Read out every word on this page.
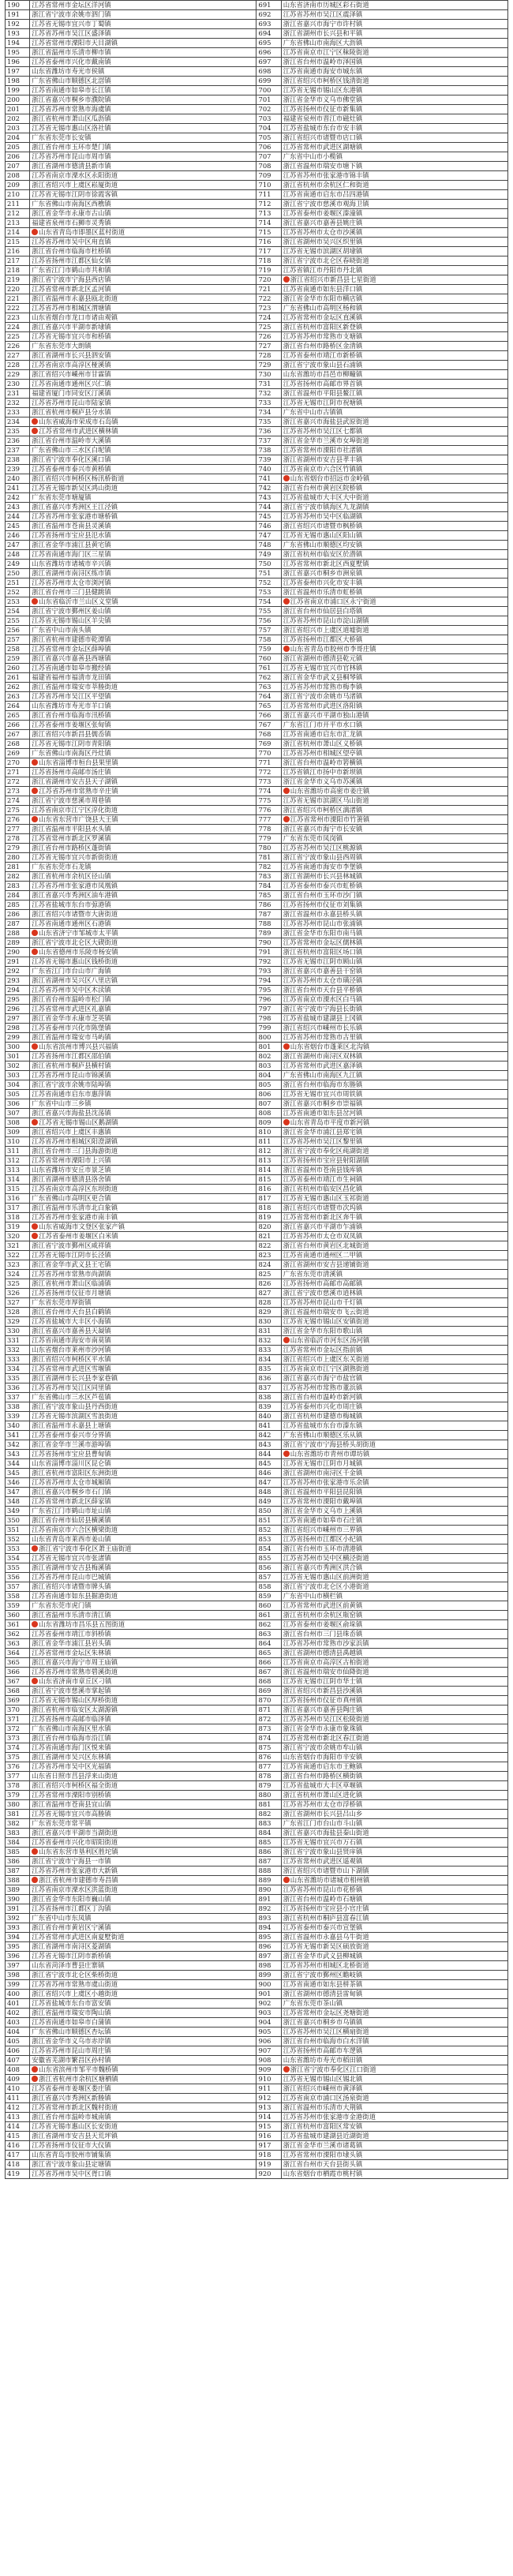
190	江苏省常州市金坛区洋河镇	691	山东省济南市历城区彩石街道
191	浙江省宁波市余姚市泗门镇	692	江苏省苏州市吴江区震泽镇
192	江苏省无锡市宜兴市丁蜀镇	693	浙江省嘉兴市海宁市许村镇
193	江苏省苏州市吴江区盛泽镇	694	浙江省湖州市长兴县和平镇
194	江苏省常州市溧阳市天目湖镇	695	广东省佛山市南海区大沥镇
195	浙江省温州市乐清市柳市镇	696	江苏省南京市江宁区秣陵街道
196	江苏省泰州市兴化市戴南镇	697	浙江省台州市温岭市泽国镇
197	山东省潍坊市寿光市侯镇	698	江苏省南通市海安市城东镇
198	广东省佛山市顺德区北滘镇	699	浙江省绍兴市柯桥区钱清街道
199	江苏省南通市如皋市长江镇	700	江苏省无锡市锡山区东港镇
200	浙江省嘉兴市桐乡市濮院镇	701	浙江省金华市义乌市佛堂镇
201	江苏省苏州市常熟市海虞镇	702	江苏省扬州市仪征市新集镇
202	浙江省杭州市萧山区瓜沥镇	703	福建省泉州市晋江市磁灶镇
203	江苏省无锡市惠山区洛社镇	704	江苏省盐城市东台市安丰镇
204	广东省东莞市长安镇	705	浙江省绍兴市诸暨市店口镇
205	浙江省台州市玉环市楚门镇	706	江苏省常州市武进区湖塘镇
206	江苏省苏州市昆山市周市镇	707	广东省中山市小榄镇
207	浙江省湖州市德清县新市镇	708	浙江省温州市瑞安市塘下镇
208	江苏省南京市溧水区永阳街道	709	江苏省苏州市张家港市锦丰镇
209	浙江省绍兴市上虞区崧厦街道	710	浙江省杭州市余杭区仁和街道
210	江苏省无锡市江阴市徐霞客镇	711	江苏省南通市启东市吕四港镇
211	广东省佛山市南海区西樵镇	712	浙江省宁波市慈溪市观海卫镇
212	浙江省金华市永康市古山镇	713	江苏省泰州市姜堰区溱潼镇
213	福建省泉州市石狮市灵秀镇	714	浙江省嘉兴市嘉善县姚庄镇
214	山东省青岛市即墨区蓝村街道	715	江苏省苏州市太仓市沙溪镇
215	江苏省苏州市吴中区甪直镇	716	浙江省湖州市吴兴区织里镇
216	浙江省台州市临海市杜桥镇	717	江苏省无锡市滨湖区胡埭镇
217	江苏省扬州市江都区仙女镇	718	浙江省宁波市北仑区春晓街道
218	广东省江门市鹤山市共和镇	719	江苏省镇江市丹阳市丹北镇
219	浙江省宁波市宁海县西店镇	720	浙江省绍兴市新昌县七星街道
220	江苏省常州市新北区孟河镇	721	江苏省南通市如东县洋口镇
221	浙江省温州市永嘉县瓯北街道	722	浙江省金华市东阳市横店镇
222	江苏省苏州市相城区渭塘镇	723	广东省佛山市高明区杨和镇
223	山东省烟台市龙口市诸由观镇	724	江苏省常州市金坛区直溪镇
224	浙江省嘉兴市平湖市新埭镇	725	浙江省杭州市富阳区新登镇
225	江苏省无锡市宜兴市和桥镇	726	江苏省苏州市常熟市支塘镇
226	广东省东莞市大朗镇	727	浙江省台州市路桥区金清镇
227	浙江省湖州市长兴县泗安镇	728	江苏省泰州市靖江市新桥镇
228	江苏省南京市高淳区桠溪镇	729	浙江省宁波市象山县石浦镇
229	浙江省绍兴市嵊州市甘霖镇	730	山东省潍坊市昌邑市柳疃镇
230	江苏省南通市通州区兴仁镇	731	江苏省扬州市高邮市界首镇
231	福建省厦门市同安区汀溪镇	732	浙江省温州市平阳县鳌江镇
232	江苏省苏州市昆山市陆家镇	733	江苏省无锡市江阴市祝塘镇
233	浙江省杭州市桐庐县分水镇	734	广东省中山市古镇镇
234	山东省威海市荣成市石岛镇	735	浙江省嘉兴市海盐县武原街道
235	江苏省常州市武进区横林镇	736	江苏省苏州市吴江区七都镇
236	浙江省台州市温岭市大溪镇	737	浙江省金华市兰溪市女埠街道
237	广东省佛山市三水区白坭镇	738	江苏省常州市溧阳市社渚镇
238	浙江省宁波市奉化区溪口镇	739	浙江省湖州市安吉县孝丰镇
239	江苏省泰州市泰兴市黄桥镇	740	江苏省南京市六合区竹镇镇
240	浙江省绍兴市柯桥区杨汛桥街道	741	山东省烟台市招远市金岭镇
241	江苏省无锡市新吴区鸿山街道	742	浙江省台州市黄岩区院桥镇
242	广东省东莞市塘厦镇	743	江苏省盐城市大丰区大中街道
243	浙江省嘉兴市秀洲区王江泾镇	744	浙江省宁波市镇海区九龙湖镇
244	江苏省苏州市张家港市塘桥镇	745	江苏省苏州市吴中区临湖镇
245	浙江省温州市苍南县灵溪镇	746	浙江省绍兴市诸暨市枫桥镇
246	江苏省扬州市宝应县氾水镇	747	江苏省无锡市惠山区阳山镇
247	浙江省金华市浦江县黄宅镇	748	广东省佛山市顺德区均安镇
248	江苏省南通市海门区三星镇	749	浙江省杭州市临安区於潜镇
249	山东省潍坊市诸城市辛兴镇	750	江苏省常州市新北区西夏墅镇
250	浙江省湖州市南浔区练市镇	751	浙江省嘉兴市桐乡市洲泉镇
251	江苏省苏州市太仓市浏河镇	752	江苏省泰州市兴化市安丰镇
252	浙江省台州市三门县健跳镇	753	浙江省温州市乐清市虹桥镇
253	山东省临沂市兰山区义堂镇	754	江苏省南京市浦口区永宁街道
254	浙江省宁波市鄞州区姜山镇	755	浙江省台州市仙居县白塔镇
255	江苏省无锡市锡山区羊尖镇	756	江苏省苏州市昆山市淀山湖镇
256	广东省中山市南头镇	757	浙江省绍兴市上虞区道墟街道
257	浙江省杭州市建德市乾潭镇	758	江苏省扬州市江都区大桥镇
258	江苏省常州市金坛区薛埠镇	759	山东省青岛市胶州市李哥庄镇
259	浙江省嘉兴市嘉善县西塘镇	760	浙江省湖州市德清县乾元镇
260	江苏省南通市如皋市搬经镇	761	江苏省无锡市宜兴市官林镇
261	福建省福州市福清市龙田镇	762	浙江省金华市武义县桐琴镇
262	浙江省温州市瑞安市莘塍街道	763	江苏省苏州市常熟市梅李镇
263	江苏省苏州市吴江区平望镇	764	浙江省宁波市余姚市马渚镇
264	山东省潍坊市寿光市羊口镇	765	江苏省常州市武进区洛阳镇
265	浙江省台州市临海市汛桥镇	766	浙江省嘉兴市平湖市独山港镇
266	江苏省泰州市姜堰区张甸镇	767	广东省江门市开平市水口镇
267	浙江省绍兴市新昌县儒岙镇	768	江苏省南通市启东市汇龙镇
268	江苏省无锡市江阴市青阳镇	769	浙江省杭州市萧山区义桥镇
269	广东省佛山市南海区丹灶镇	770	江苏省苏州市相城区望亭镇
270	山东省淄博市桓台县果里镇	771	浙江省台州市温岭市箬横镇
271	江苏省扬州市高邮市汤庄镇	772	江苏省镇江市扬中市新坝镇
272	浙江省湖州市安吉县天子湖镇	773	浙江省金华市义乌市苏溪镇
273	江苏省苏州市常熟市辛庄镇	774	山东省潍坊市高密市姜庄镇
274	浙江省宁波市慈溪市周巷镇	775	江苏省无锡市滨湖区马山街道
275	江苏省南京市江宁区淳化街道	776	浙江省绍兴市柯桥区漓渚镇
276	山东省东营市广饶县大王镇	777	江苏省常州市溧阳市竹箦镇
277	浙江省温州市平阳县水头镇	778	浙江省嘉兴市海宁市长安镇
278	江苏省常州市新北区罗溪镇	779	广东省东莞市凤岗镇
279	浙江省台州市路桥区蓬街镇	780	江苏省苏州市吴江区桃源镇
280	江苏省无锡市宜兴市新街街道	781	浙江省宁波市象山县西周镇
281	广东省东莞市石龙镇	782	江苏省南通市海安市李堡镇
282	浙江省杭州市余杭区径山镇	783	浙江省湖州市长兴县林城镇
283	江苏省苏州市张家港市凤凰镇	784	江苏省泰州市泰兴市虹桥镇
284	浙江省嘉兴市秀洲区油车港镇	785	浙江省台州市玉环市沙门镇
285	江苏省盐城市东台市弶港镇	786	江苏省扬州市仪征市刘集镇
286	浙江省绍兴市诸暨市大唐街道	787	浙江省温州市永嘉县桥头镇
287	江苏省南通市通州区石港镇	788	江苏省苏州市昆山市张浦镇
288	山东省济宁市邹城市太平镇	789	浙江省金华市东阳市南马镇
289	浙江省宁波市北仑区大碶街道	790	江苏省常州市金坛区儒林镇
290	山东省德州市乐陵市杨安镇	791	浙江省杭州市富阳区场口镇
291	江苏省无锡市惠山区钱桥街道	792	江苏省无锡市江阴市顾山镇
292	广东省江门市台山市广海镇	793	浙江省嘉兴市嘉善县干窑镇
293	浙江省湖州市吴兴区八里店镇	794	江苏省苏州市太仓市璜泾镇
294	江苏省苏州市吴中区木渎镇	795	浙江省台州市天台县平桥镇
295	浙江省台州市温岭市松门镇	796	江苏省南京市溧水区白马镇
296	江苏省常州市武进区礼嘉镇	797	浙江省宁波市宁海县长街镇
297	浙江省金华市永康市芝英镇	798	江苏省盐城市建湖县上冈镇
298	江苏省泰州市兴化市陈堡镇	799	浙江省绍兴市嵊州市长乐镇
299	浙江省温州市瑞安市马屿镇	800	江苏省苏州市常熟市古里镇
300	山东省滨州市博兴县兴福镇	801	山东省烟台市蓬莱区北沟镇
301	江苏省扬州市江都区邵伯镇	802	浙江省湖州市南浔区双林镇
302	浙江省杭州市桐庐县横村镇	803	江苏省常州市武进区嘉泽镇
303	江苏省苏州市昆山市锦溪镇	804	广东省佛山市南海区九江镇
304	浙江省宁波市余姚市陆埠镇	805	浙江省台州市临海市东塍镇
305	江苏省南通市启东市惠萍镇	806	江苏省无锡市宜兴市周铁镇
306	广东省中山市三乡镇	807	浙江省嘉兴市桐乡市崇福镇
307	浙江省嘉兴市海盐县沈荡镇	808	江苏省南通市如东县岔河镇
308	江苏省无锡市锡山区鹅湖镇	809	山东省青岛市平度市新河镇
309	浙江省绍兴市上虞区丰惠镇	810	浙江省金华市浦江县郑宅镇
310	江苏省苏州市相城区阳澄湖镇	811	江苏省苏州市吴江区黎里镇
311	浙江省台州市三门县海游街道	812	浙江省宁波市奉化区莼湖街道
312	江苏省常州市溧阳市上兴镇	813	江苏省扬州市宝应县射阳湖镇
313	山东省潍坊市安丘市景芝镇	814	浙江省温州市苍南县钱库镇
314	浙江省湖州市德清县洛舍镇	815	江苏省泰州市靖江市生祠镇
315	江苏省南京市高淳区东坝街道	816	浙江省杭州市临安区昌化镇
316	广东省佛山市高明区更合镇	817	江苏省无锡市惠山区玉祁街道
317	浙江省温州市乐清市北白象镇	818	浙江省绍兴市诸暨市次坞镇
318	江苏省苏州市张家港市南丰镇	819	江苏省常州市新北区奔牛镇
319	山东省威海市文登区张家产镇	820	浙江省嘉兴市平湖市乍浦镇
320	江苏省泰州市姜堰区白米镇	821	江苏省苏州市太仓市双凤镇
321	浙江省宁波市鄞州区咸祥镇	822	浙江省台州市黄岩区北城街道
322	江苏省无锡市江阴市长泾镇	823	江苏省南通市通州区二甲镇
323	浙江省金华市武义县王宅镇	824	浙江省湖州市安吉县递铺街道
324	江苏省苏州市常熟市尚湖镇	825	广东省东莞市清溪镇
325	浙江省杭州市萧山区临浦镇	826	江苏省扬州市高邮市高邮镇
326	江苏省扬州市仪征市月塘镇	827	浙江省宁波市慈溪市逍林镇
327	广东省东莞市厚街镇	828	江苏省苏州市昆山市千灯镇
328	浙江省台州市天台县白鹤镇	829	浙江省温州市瑞安市飞云街道
329	江苏省盐城市大丰区小海镇	830	江苏省无锡市锡山区安镇街道
330	浙江省嘉兴市嘉善县天凝镇	831	浙江省金华市东阳市歌山镇
331	江苏省南通市海安市南莫镇	832	山东省临沂市河东区汤河镇
332	山东省烟台市莱州市沙河镇	833	江苏省常州市金坛区指前镇
333	浙江省绍兴市柯桥区平水镇	834	浙江省绍兴市上虞区东关街道
334	江苏省常州市武进区雪堰镇	835	江苏省南京市江宁区湖熟街道
335	浙江省湖州市长兴县李家巷镇	836	浙江省嘉兴市海宁市盐官镇
336	江苏省苏州市吴江区同里镇	837	江苏省苏州市常熟市董浜镇
337	广东省佛山市三水区芦苞镇	838	浙江省台州市温岭市新河镇
338	浙江省宁波市象山县丹西街道	839	江苏省泰州市兴化市周庄镇
339	江苏省无锡市滨湖区雪浪街道	840	浙江省杭州市建德市梅城镇
340	浙江省温州市永嘉县上塘镇	841	江苏省盐城市东台市溱东镇
341	江苏省泰州市泰兴市分界镇	842	广东省佛山市顺德区乐从镇
342	浙江省金华市兰溪市游埠镇	843	浙江省宁波市宁海县桥头胡街道
343	江苏省扬州市宝应县曹甸镇	844	山东省潍坊市青州市谭坊镇
344	山东省淄博市淄川区昆仑镇	845	江苏省无锡市江阴市月城镇
345	浙江省杭州市富阳区东洲街道	846	浙江省湖州市南浔区千金镇
346	江苏省苏州市太仓市城厢镇	847	江苏省苏州市张家港市乐余镇
347	浙江省嘉兴市桐乡市石门镇	848	浙江省温州市平阳县昆阳镇
348	江苏省常州市新北区薛家镇	849	江苏省常州市溧阳市戴埠镇
349	广东省江门市鹤山市址山镇	850	浙江省金华市义乌市上溪镇
350	浙江省台州市仙居县横溪镇	851	江苏省南通市如皋市石庄镇
351	江苏省南京市六合区横梁街道	852	浙江省绍兴市嵊州市三界镇
352	山东省青岛市莱西市姜山镇	853	江苏省扬州市江都区小纪镇
353	浙江省宁波市奉化区萧王庙街道	854	浙江省台州市玉环市清港镇
354	江苏省无锡市宜兴市张渚镇	855	江苏省苏州市吴中区横泾街道
355	浙江省湖州市安吉县梅溪镇	856	浙江省嘉兴市秀洲区洪合镇
356	江苏省苏州市昆山市巴城镇	857	江苏省无锡市惠山区前洲街道
357	浙江省绍兴市诸暨市牌头镇	858	浙江省宁波市北仑区小港街道
358	江苏省南通市如东县掘港街道	859	广东省中山市横栏镇
359	广东省东莞市虎门镇	860	江苏省常州市武进区前黄镇
360	浙江省温州市乐清市清江镇	861	浙江省杭州市余杭区瓶窑镇
361	山东省潍坊市昌乐县五图街道	862	江苏省泰州市姜堰区俞垛镇
362	江苏省泰州市靖江市斜桥镇	863	浙江省台州市三门县珠岙镇
363	浙江省金华市浦江县岩头镇	864	江苏省苏州市常熟市沙家浜镇
364	江苏省常州市金坛区朱林镇	865	浙江省湖州市德清县禹越镇
365	浙江省嘉兴市海宁市周王庙镇	866	江苏省南京市高淳区古柏街道
366	江苏省苏州市常熟市碧溪街道	867	浙江省温州市瑞安市仙降街道
367	山东省济南市章丘区刁镇	868	江苏省无锡市江阴市华士镇
368	浙江省宁波市慈溪市掌起镇	869	浙江省绍兴市新昌县沙溪镇
369	江苏省无锡市锡山区厚桥街道	870	江苏省扬州市仪征市真州镇
370	浙江省杭州市临安区太湖源镇	871	浙江省嘉兴市嘉善县陶庄镇
371	江苏省扬州市高邮市临泽镇	872	江苏省苏州市吴江区松陵街道
372	广东省佛山市南海区里水镇	873	浙江省金华市永康市象珠镇
373	浙江省台州市临海市沿江镇	874	江苏省常州市新北区春江街道
374	江苏省南通市海门区悦来镇	875	浙江省宁波市余姚市牟山镇
375	浙江省湖州市吴兴区东林镇	876	山东省烟台市海阳市辛安镇
376	江苏省苏州市吴中区光福镇	877	江苏省南通市启东市王鲍镇
377	山东省日照市莒县浮来山街道	878	浙江省台州市路桥区横街镇
378	浙江省绍兴市柯桥区福全街道	879	江苏省盐城市大丰区草堰镇
379	江苏省常州市溧阳市别桥镇	880	浙江省杭州市萧山区进化镇
380	浙江省温州市苍南县宜山镇	881	江苏省苏州市太仓市浮桥镇
381	江苏省无锡市宜兴市高塍镇	882	浙江省湖州市长兴县吕山乡
382	广东省东莞市常平镇	883	广东省江门市台山市斗山镇
383	浙江省嘉兴市平湖市当湖街道	884	浙江省嘉兴市海盐县秦山街道
384	江苏省泰州市兴化市昭阳街道	885	江苏省无锡市宜兴市万石镇
385	山东省东营市垦利区胜坨镇	886	浙江省宁波市象山县贤庠镇
386	浙江省宁波市宁海县一市镇	887	江苏省常州市武进区遥观镇
387	江苏省苏州市张家港市大新镇	888	浙江省绍兴市诸暨市山下湖镇
388	浙江省杭州市建德市寿昌镇	889	山东省潍坊市诸城市相州镇
389	江苏省南京市溧水区洪蓝街道	890	江苏省苏州市昆山市花桥镇
390	浙江省金华市东阳市巍山镇	891	浙江省台州市温岭市石塘镇
391	江苏省扬州市江都区丁沟镇	892	江苏省扬州市宝应县小官庄镇
392	广东省中山市东凤镇	893	浙江省杭州市桐庐县富春江镇
393	浙江省台州市黄岩区宁溪镇	894	江苏省泰州市泰兴市宣堡镇
394	江苏省常州市武进区南夏墅街道	895	浙江省温州市永嘉县乌牛街道
395	浙江省湖州市南浔区菱湖镇	896	江苏省无锡市新吴区硕放街道
396	江苏省无锡市江阴市新桥镇	897	浙江省金华市武义县柳城镇
397	山东省菏泽市曹县庄寨镇	898	江苏省苏州市相城区北桥街道
398	浙江省宁波市北仑区柴桥街道	899	浙江省宁波市鄞州区瞻岐镇
399	江苏省苏州市常熟市虞山街道	900	江苏省南通市如东县栟茶镇
400	浙江省绍兴市上虞区小越街道	901	浙江省湖州市德清县雷甸镇
401	江苏省盐城市东台市富安镇	902	广东省东莞市茶山镇
402	浙江省温州市瑞安市陶山镇	903	江苏省常州市金坛区尧塘街道
403	江苏省南通市如皋市白蒲镇	904	浙江省嘉兴市桐乡市乌镇镇
404	广东省佛山市顺德区杏坛镇	905	江苏省苏州市吴江区横扇街道
405	浙江省金华市义乌市赤岸镇	906	浙江省台州市临海市白水洋镇
406	江苏省苏州市昆山市周庄镇	907	江苏省扬州市高邮市车逻镇
407	安徽省芜湖市繁昌区孙村镇	908	山东省潍坊市寿光市稻田镇
408	山东省滨州市邹平市魏桥镇	909	浙江省宁波市奉化区江口街道
409	浙江省杭州市余杭区塘栖镇	910	江苏省无锡市锡山区锡北镇
410	江苏省泰州市姜堰区娄庄镇	911	浙江省绍兴市嵊州市黄泽镇
411	浙江省嘉兴市秀洲区新塍镇	912	江苏省南京市浦口区汤泉街道
412	江苏省常州市新北区魏村街道	913	浙江省温州市乐清市大荆镇
413	浙江省台州市温岭市城南镇	914	江苏省苏州市张家港市金港街道
414	江苏省无锡市惠山区长安街道	915	浙江省杭州市富阳区常安镇
415	浙江省湖州市安吉县天荒坪镇	916	江苏省盐城市建湖县近湖街道
416	江苏省扬州市仪征市大仪镇	917	浙江省金华市兰溪市诸葛镇
417	山东省青岛市胶州市铺集镇	918	江苏省常州市溧阳市埭头镇
418	浙江省宁波市象山县定塘镇	919	浙江省台州市天台县街头镇
419	江苏省苏州市吴中区胥口镇	920	山东省烟台市栖霞市桃村镇
